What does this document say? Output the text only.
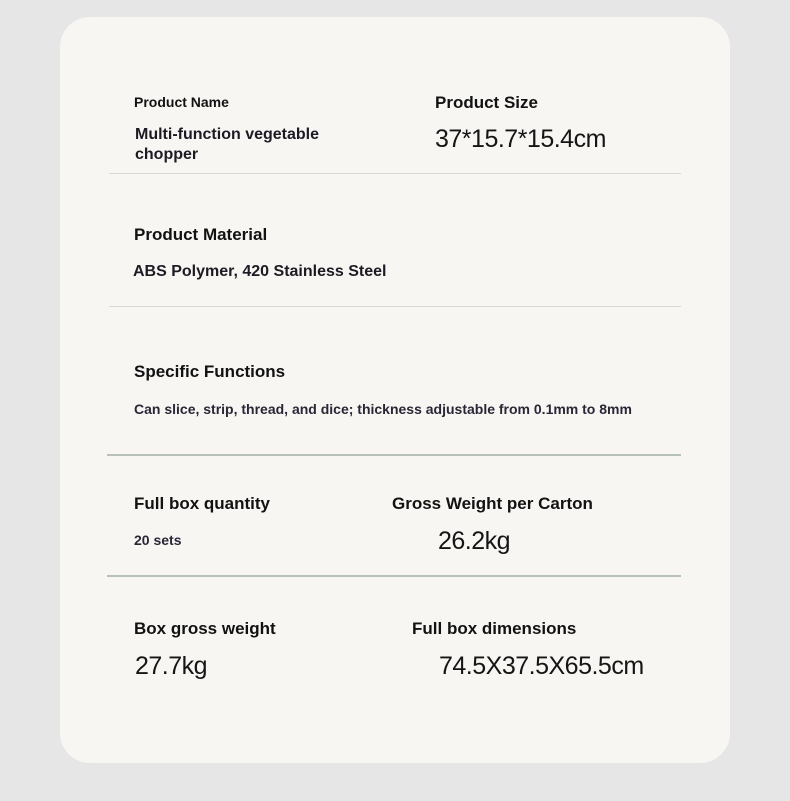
Product Name
Multi-function vegetable
chopper
Product Size
37*15.7*15.4cm
Product Material
ABS Polymer, 420 Stainless Steel
Specific Functions
Can slice, strip, thread, and dice; thickness adjustable from 0.1mm to 8mm
Full box quantity
20 sets
Gross Weight per Carton
26.2kg
Box gross weight
27.7kg
Full box dimensions
74.5X37.5X65.5cm
